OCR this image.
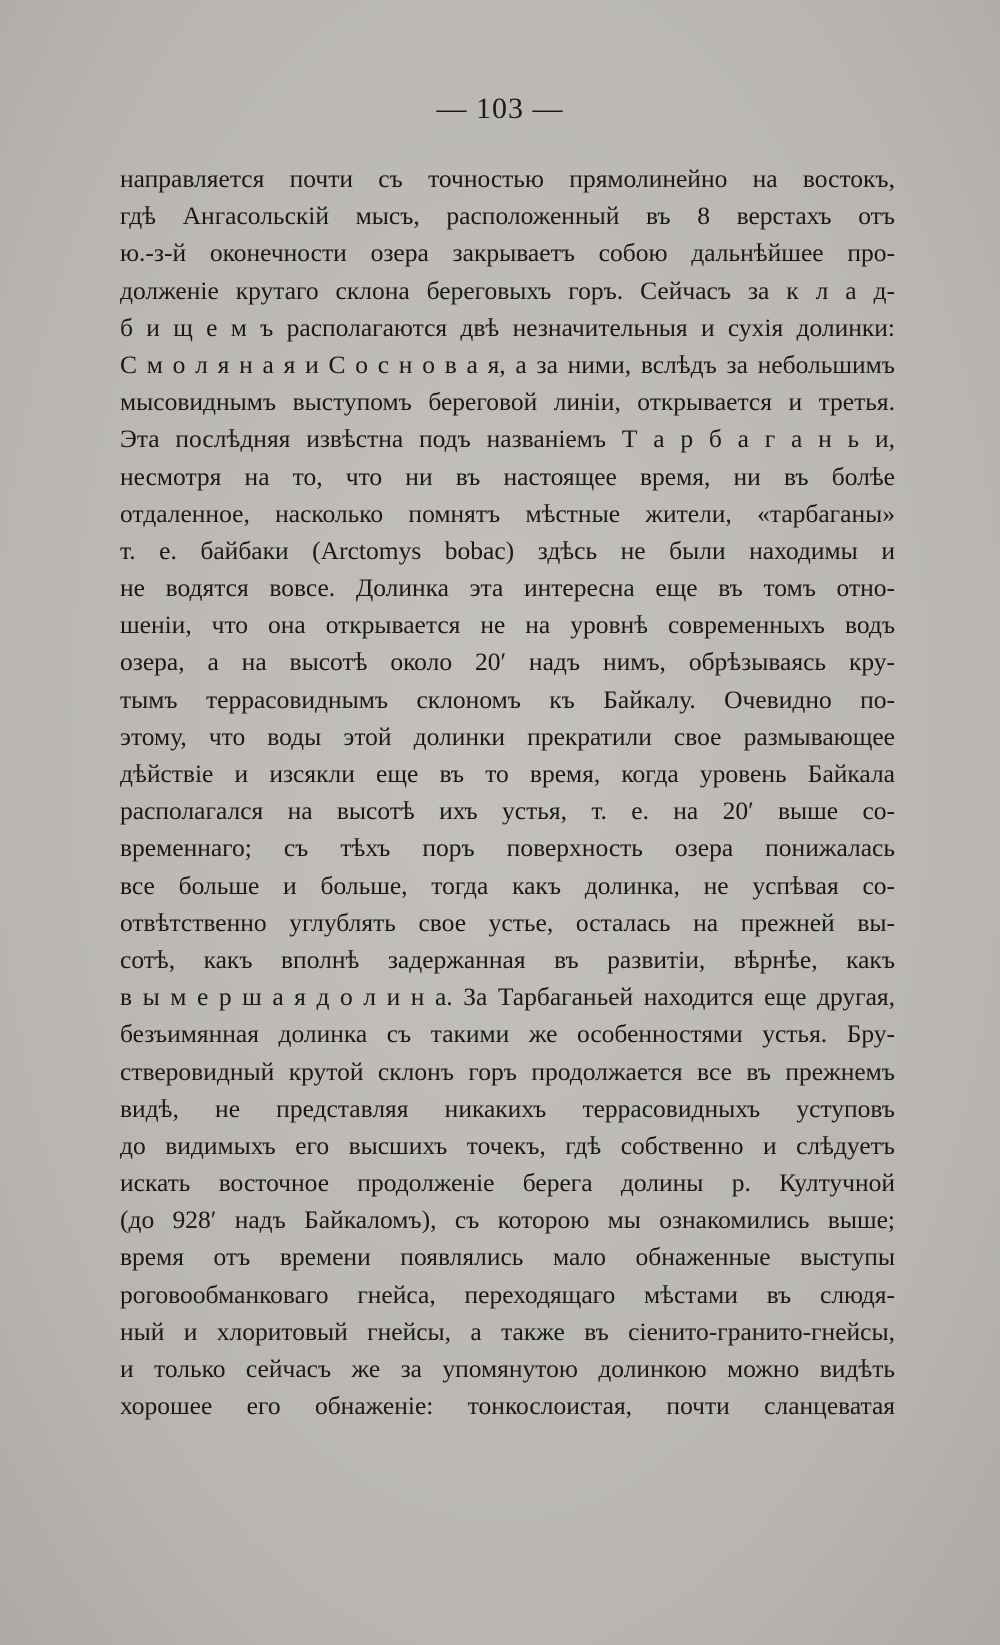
— 103 —
направляется почти съ точностью прямолинейно на востокъ,
гдѣ Ангасольскій мысъ, расположенный въ 8 верстахъ отъ
ю.-з-й оконечности озера закрываетъ собою дальнѣйшее про-
долженіе крутаго склона береговыхъ горъ. Сейчасъ за к л а д-
б и щ е м ъ располагаются двѣ незначительныя и сухія долинки:
С м о л я н а я и С о с н о в а я, а за ними, вслѣдъ за небольшимъ
мысовиднымъ выступомъ береговой линіи, открывается и третья.
Эта послѣдняя извѣстна подъ названіемъ Т а р б а г а н ь и,
несмотря на то, что ни въ настоящее время, ни въ болѣе
отдаленное, насколько помнятъ мѣстные жители, «тарбаганы»
т. е. байбаки (Arctomys bobac) здѣсь не были находимы и
не водятся вовсе. Долинка эта интересна еще въ томъ отно-
шеніи, что она открывается не на уровнѣ современныхъ водъ
озера, а на высотѣ около 20′ надъ нимъ, обрѣзываясь кру-
тымъ террасовиднымъ склономъ къ Байкалу. Очевидно по-
этому, что воды этой долинки прекратили свое размывающее
дѣйствіе и изсякли еще въ то время, когда уровень Байкала
располагался на высотѣ ихъ устья, т. е. на 20′ выше со-
временнаго; съ тѣхъ поръ поверхность озера понижалась
все больше и больше, тогда какъ долинка, не успѣвая со-
отвѣтственно углублять свое устье, осталась на прежней вы-
сотѣ, какъ вполнѣ задержанная въ развитіи, вѣрнѣе, какъ
в ы м е р ш а я д о л и н а. За Тарбаганьей находится еще другая,
безъимянная долинка съ такими же особенностями устья. Бру-
стверовидный крутой склонъ горъ продолжается все въ прежнемъ
видѣ, не представляя никакихъ террасовидныхъ уступовъ
до видимыхъ его высшихъ точекъ, гдѣ собственно и слѣдуетъ
искать восточное продолженіе берега долины р. Култучной
(до 928′ надъ Байкаломъ), съ которою мы ознакомились выше;
время отъ времени появлялись мало обнаженные выступы
роговообманковаго гнейса, переходящаго мѣстами въ слюдя-
ный и хлоритовый гнейсы, а также въ сіенито-гранито-гнейсы,
и только сейчасъ же за упомянутою долинкою можно видѣть
хорошее его обнаженіе: тонкослоистая, почти сланцеватая
